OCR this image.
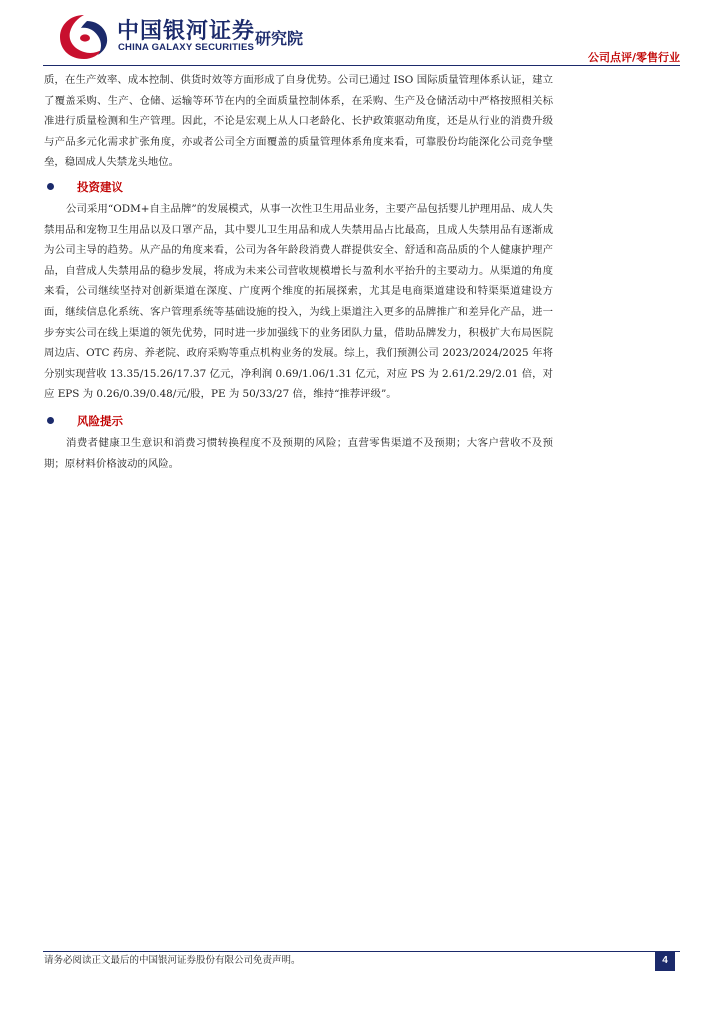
中国银河证券
CHINA GALAXY SECURITIES 研究院
公司点评/零售行业

质，在生产效率、成本控制、供货时效等方面形成了自身优势。公司已通过 ISO 国际质量管理体系认证，建立了覆盖采购、生产、仓储、运输等环节在内的全面质量控制体系，在采购、生产及仓储活动中严格按照相关标准进行质量检测和生产管理。因此，不论是宏观上从人口老龄化、长护政策驱动角度，还是从行业的消费升级与产品多元化需求扩张角度，亦或者公司全方面覆盖的质量管理体系角度来看，可靠股份均能深化公司竞争壁垒，稳固成人失禁龙头地位。

投资建议

公司采用“ODM+自主品牌”的发展模式，从事一次性卫生用品业务，主要产品包括婴儿护理用品、成人失禁用品和宠物卫生用品以及口罩产品，其中婴儿卫生用品和成人失禁用品占比最高，且成人失禁用品有逐渐成为公司主导的趋势。从产品的角度来看，公司为各年龄段消费人群提供安全、舒适和高品质的个人健康护理产品，自营成人失禁用品的稳步发展，将成为未来公司营收规模增长与盈利水平抬升的主要动力。从渠道的角度来看，公司继续坚持对创新渠道在深度、广度两个维度的拓展探索，尤其是电商渠道建设和特渠渠道建设方面，继续信息化系统、客户管理系统等基础设施的投入，为线上渠道注入更多的品牌推广和差异化产品，进一步夯实公司在线上渠道的领先优势，同时进一步加强线下的业务团队力量，借助品牌发力，积极扩大布局医院周边店、OTC 药房、养老院、政府采购等重点机构业务的发展。综上，我们预测公司 2023/2024/2025 年将分别实现营收 13.35/15.26/17.37 亿元，净利润 0.69/1.06/1.31 亿元，对应 PS 为 2.61/2.29/2.01 倍，对应 EPS 为 0.26/0.39/0.48/元/股，PE 为 50/33/27 倍，维持“推荐评级”。

风险提示

消费者健康卫生意识和消费习惯转换程度不及预期的风险；直营零售渠道不及预期；大客户营收不及预期；原材料价格波动的风险。

请务必阅读正文最后的中国银河证券股份有限公司免责声明。	4
